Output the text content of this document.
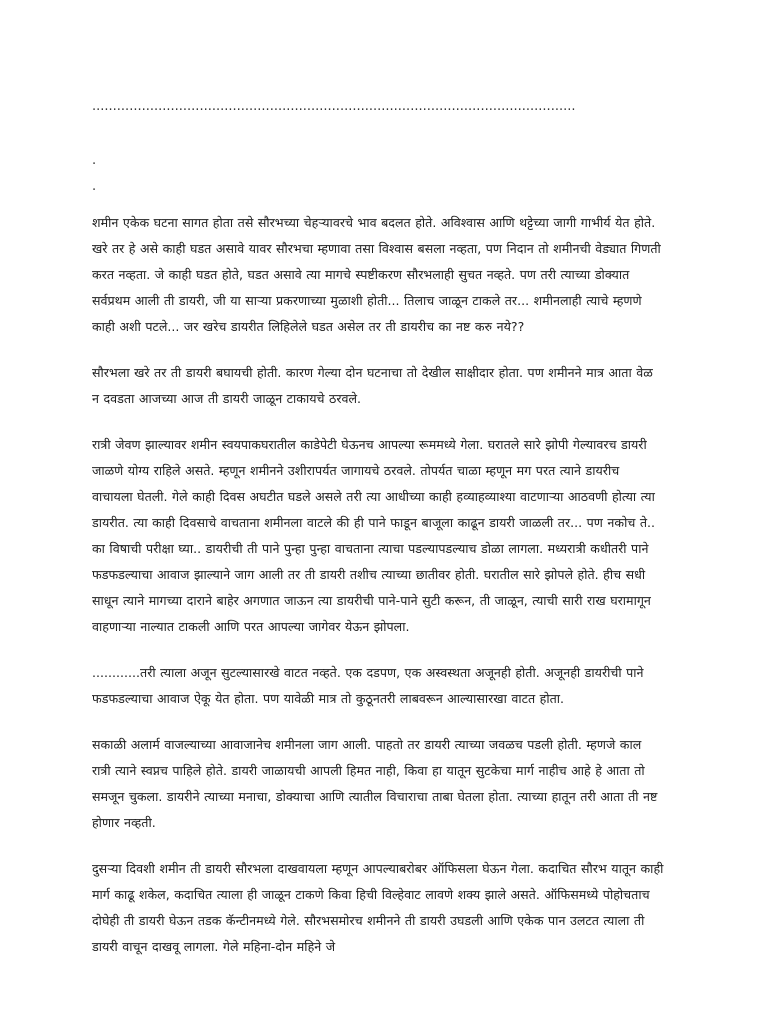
.....................................................................................................................
.
.

शमीन एकेक घटना सागत होता तसे सौरभच्या चेहऱ्यावरचे भाव बदलत होते. अविश्वास आणि थट्टेच्या जागी गाभीर्य येत होते. खरे तर हे असे काही घडत असावे यावर सौरभचा म्हणावा तसा विश्वास बसला नव्हता, पण निदान तो शमीनची वेड्यात गिणती करत नव्हता. जे काही घडत होते, घडत असावे त्या मागचे स्पष्टीकरण सौरभलाही सुचत नव्हते. पण तरी त्याच्या डोक्यात सर्वप्रथम आली ती डायरी, जी या साऱ्या प्रकरणाच्या मुळाशी होती... तिलाच जाळून टाकले तर... शमीनलाही त्याचे म्हणणे काही अशी पटले... जर खरेच डायरीत लिहिलेले घडत असेल तर ती डायरीच का नष्ट करु नये??

सौरभला खरे तर ती डायरी बघायची होती. कारण गेल्या दोन घटनाचा तो देखील साक्षीदार होता. पण शमीनने मात्र आता वेळ न दवडता आजच्या आज ती डायरी जाळून टाकायचे ठरवले.

रात्री जेवण झाल्यावर शमीन स्वयपाकघरातील काडेपेटी घेऊनच आपल्या रूममध्ये गेला. घरातले सारे झोपी गेल्यावरच डायरी जाळणे योग्य राहिले असते. म्हणून शमीनने उशीरापर्यत जागायचे ठरवले. तोपर्यत चाळा म्हणून मग परत त्याने डायरीच वाचायला घेतली. गेले काही दिवस अघटीत घडले असले तरी त्या आधीच्या काही हव्याहव्याश्या वाटणाऱ्या आठवणी होत्या त्या डायरीत. त्या काही दिवसाचे वाचताना शमीनला वाटले की ही पाने फाडून बाजूला काढून डायरी जाळली तर... पण नकोच ते.. का विषाची परीक्षा घ्या.. डायरीची ती पाने पुन्हा पुन्हा वाचताना त्याचा पडल्यापडल्याच डोळा लागला. मध्यरात्री कधीतरी पाने फडफडल्याचा आवाज झाल्याने जाग आली तर ती डायरी तशीच त्याच्या छातीवर होती. घरातील सारे झोपले होते. हीच सधी साधून त्याने मागच्या दाराने बाहेर अगणात जाऊन त्या डायरीची पाने-पाने सुटी करून, ती जाळून, त्याची सारी राख घरामागून वाहणाऱ्या नाल्यात टाकली आणि परत आपल्या जागेवर येऊन झोपला.

............तरी त्याला अजून सुटल्यासारखे वाटत नव्हते. एक दडपण, एक अस्वस्थता अजूनही होती. अजूनही डायरीची पाने फडफडल्याचा आवाज ऐकू येत होता. पण यावेळी मात्र तो कुठूनतरी लाबवरून आल्यासारखा वाटत होता.

सकाळी अलार्म वाजल्याच्या आवाजानेच शमीनला जाग आली. पाहतो तर डायरी त्याच्या जवळच पडली होती. म्हणजे काल रात्री त्याने स्वप्नच पाहिले होते. डायरी जाळायची आपली हिमत नाही, किवा हा यातून सुटकेचा मार्ग नाहीच आहे हे आता तो समजून चुकला. डायरीने त्याच्या मनाचा, डोक्याचा आणि त्यातील विचाराचा ताबा घेतला होता. त्याच्या हातून तरी आता ती नष्ट होणार नव्हती.

दुसऱ्या दिवशी शमीन ती डायरी सौरभला दाखवायला म्हणून आपल्याबरोबर ऑफिसला घेऊन गेला. कदाचित सौरभ यातून काही मार्ग काढू शकेल, कदाचित त्याला ही जाळून टाकणे किवा हिची विल्हेवाट लावणे शक्य झाले असते. ऑफिसमध्ये पोहोचताच दोघेही ती डायरी घेऊन तडक कॅन्टीनमध्ये गेले. सौरभसमोरच शमीनने ती डायरी उघडली आणि एकेक पान उलटत त्याला ती डायरी वाचून दाखवू लागला. गेले महिना-दोन महिने जे
